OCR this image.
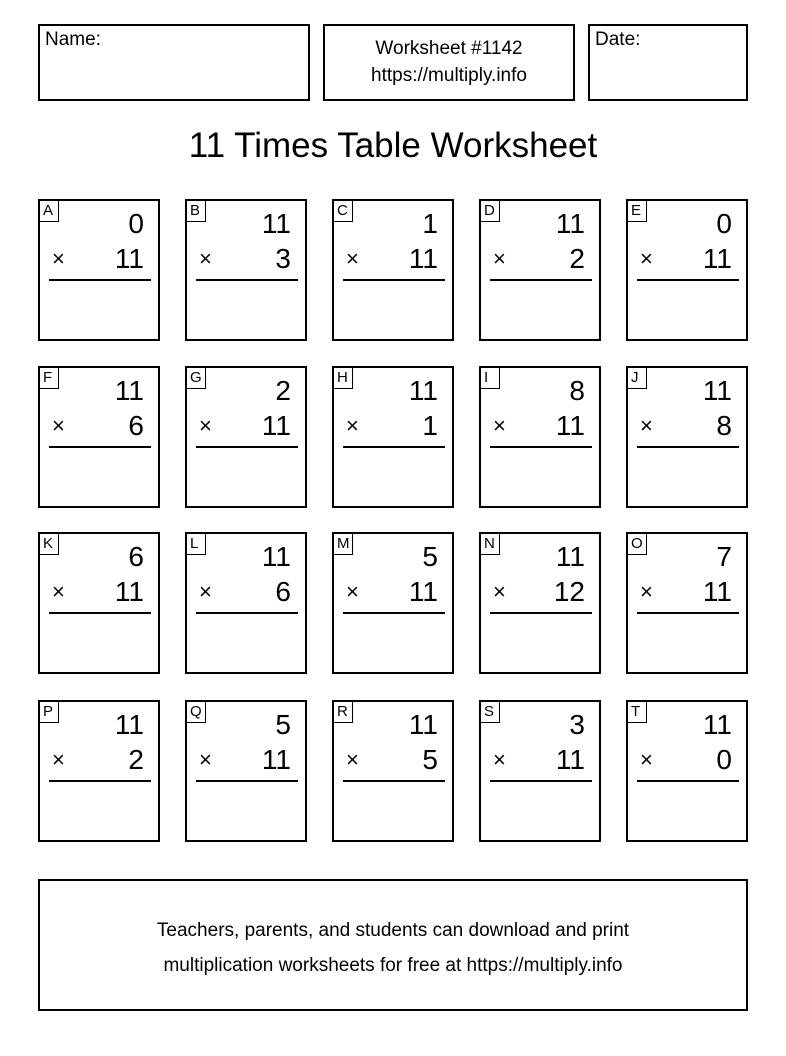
Name:	Worksheet #1142
https://multiply.info
Date:
11 Times Table Worksheet
A	0
× 11
B 11
× 3
C	1
× 11
D 11
× 2
E	0
× 11
F 11
× 6
G	2
× 11
H 11
× 1
I	8
× 11
J	11
× 8
K	6
× 11
L 11
× 6
M	5
× 11
N 11
× 12
O	7
× 11
P 11
× 2
Q	5
× 11
R 11
× 5
S	3
× 11
T 11
× 0
Teachers, parents, and students can download and print
multiplication worksheets for free at https://multiply.info
